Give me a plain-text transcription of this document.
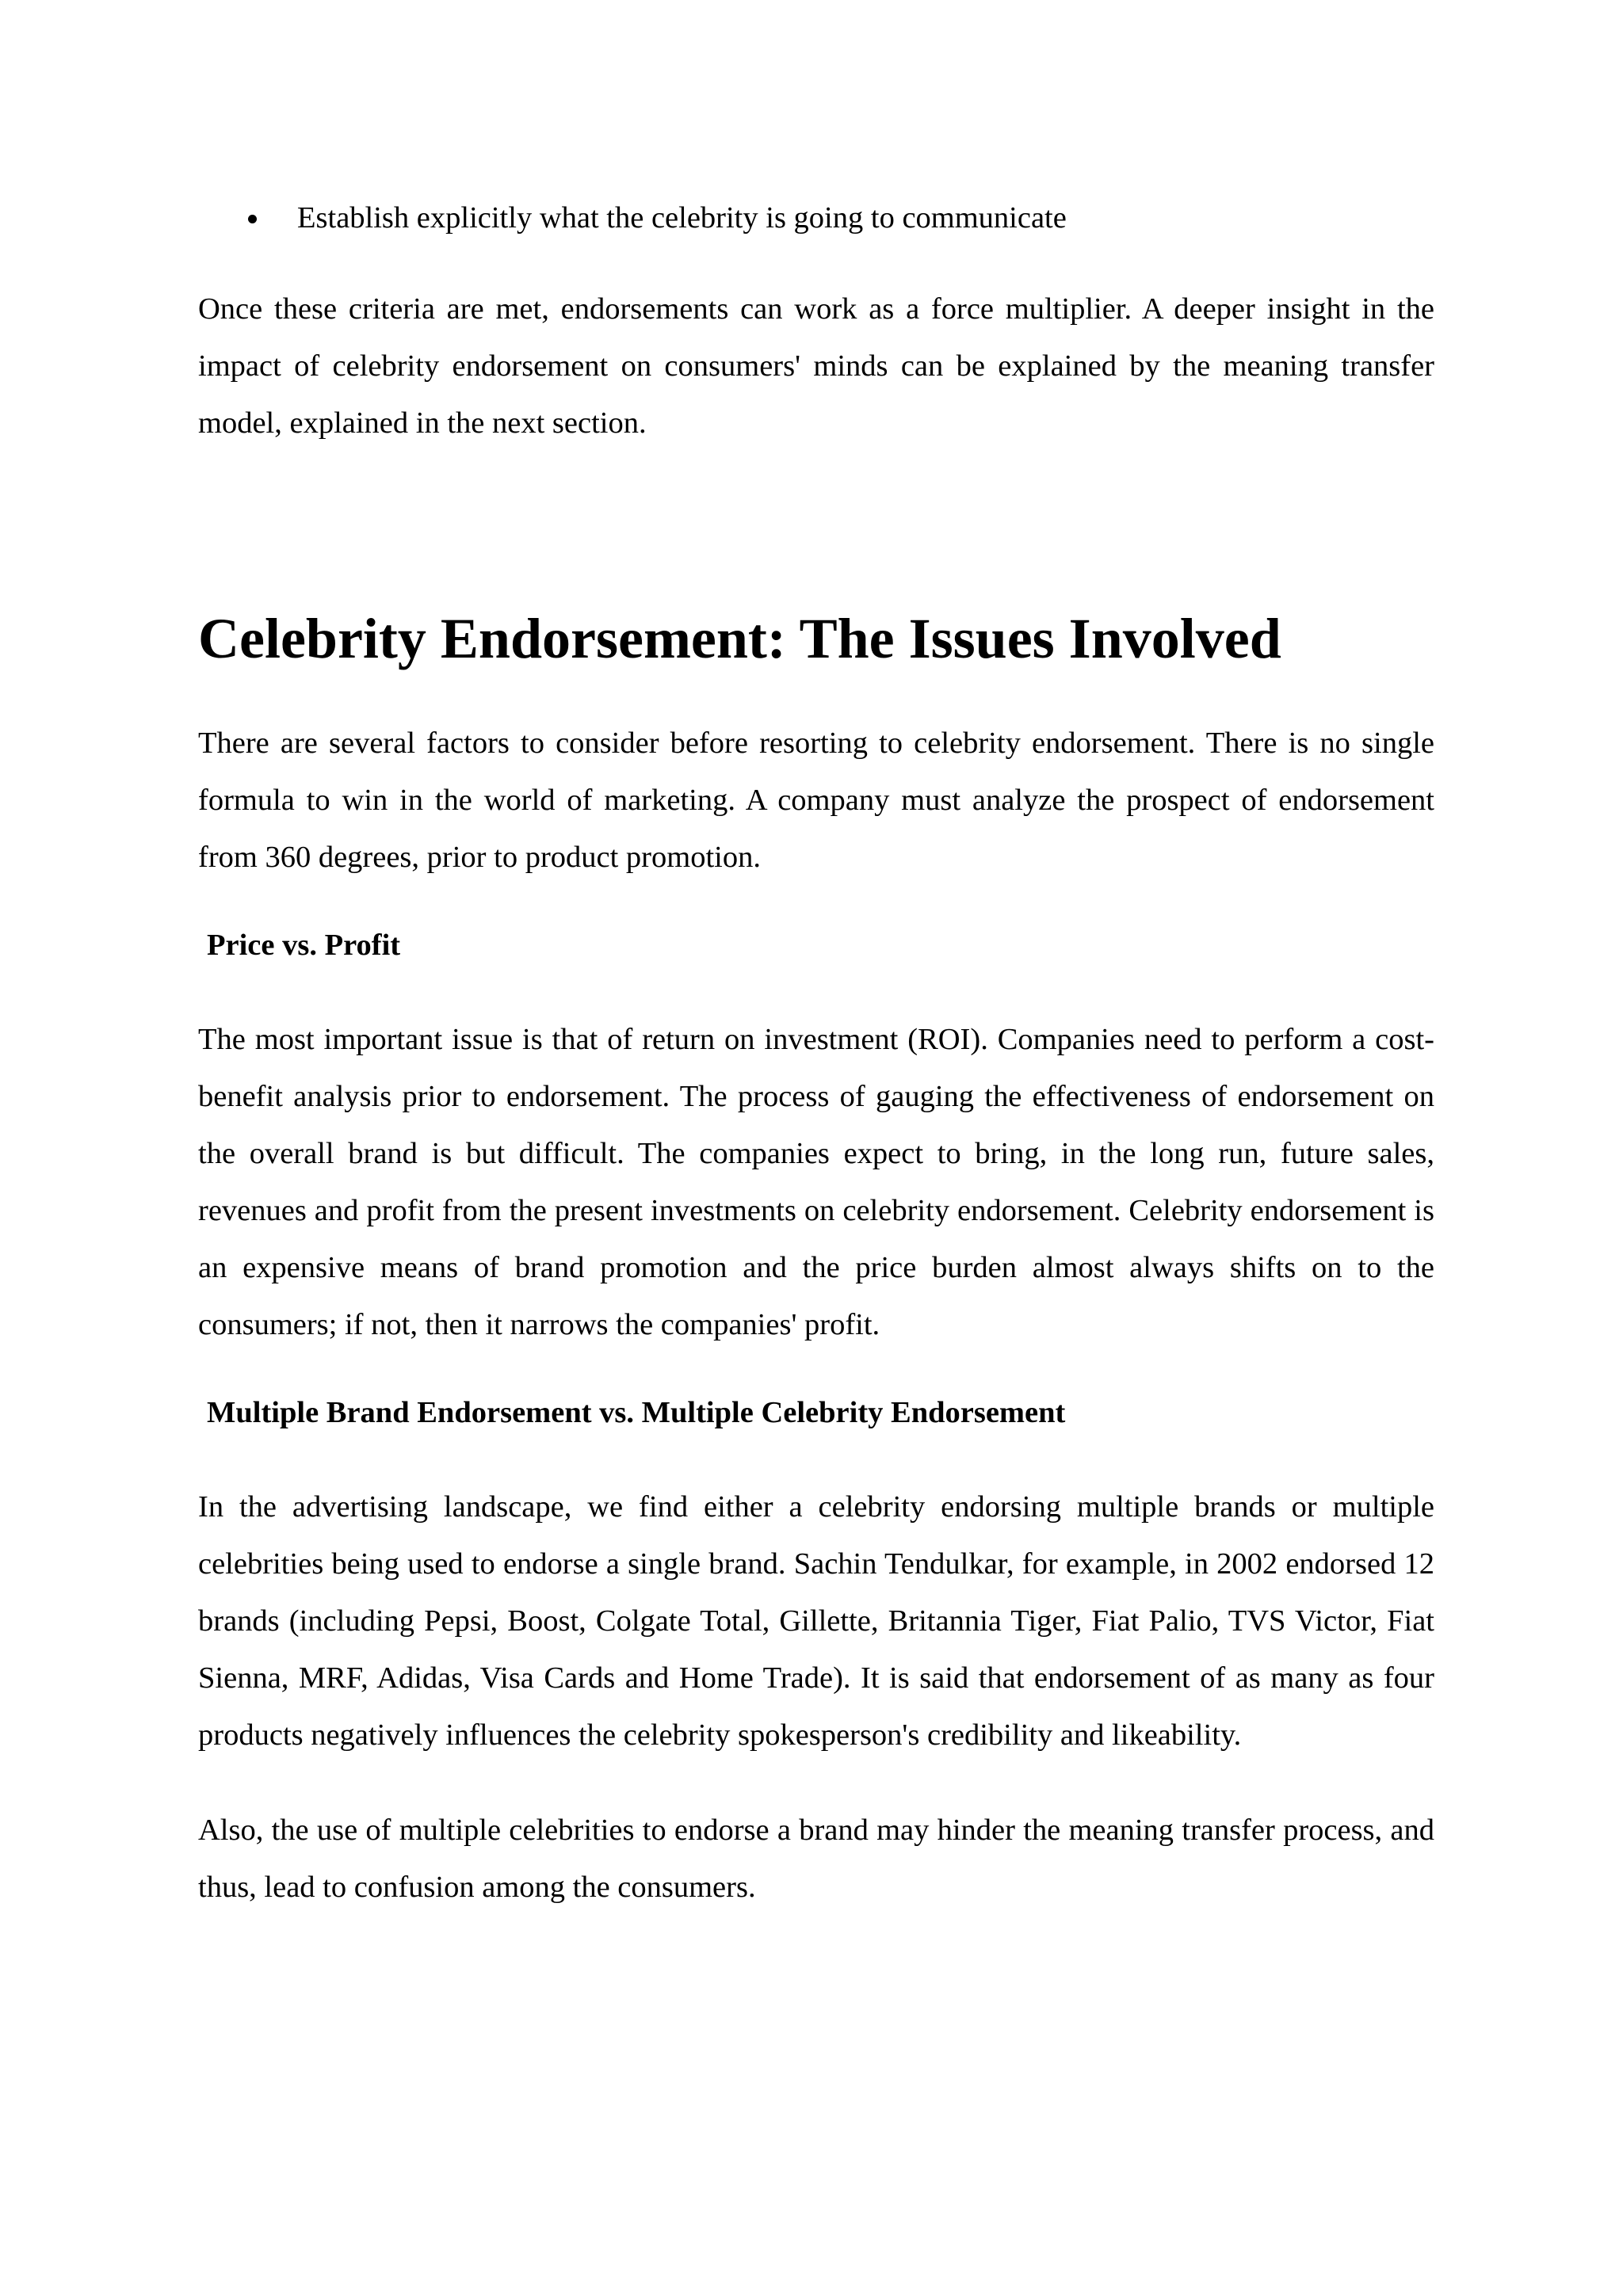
Establish explicitly what the celebrity is going to communicate

Once these criteria are met, endorsements can work as a force multiplier. A deeper insight in the impact of celebrity endorsement on consumers' minds can be explained by the meaning transfer model, explained in the next section.

Celebrity Endorsement: The Issues Involved

There are several factors to consider before resorting to celebrity endorsement. There is no single formula to win in the world of marketing. A company must analyze the prospect of endorsement from 360 degrees, prior to product promotion.

Price vs. Profit

The most important issue is that of return on investment (ROI). Companies need to perform a cost-benefit analysis prior to endorsement. The process of gauging the effectiveness of endorsement on the overall brand is but difficult. The companies expect to bring, in the long run, future sales, revenues and profit from the present investments on celebrity endorsement. Celebrity endorsement is an expensive means of brand promotion and the price burden almost always shifts on to the consumers; if not, then it narrows the companies' profit.

Multiple Brand Endorsement vs. Multiple Celebrity Endorsement

In the advertising landscape, we find either a celebrity endorsing multiple brands or multiple celebrities being used to endorse a single brand. Sachin Tendulkar, for example, in 2002 endorsed 12 brands (including Pepsi, Boost, Colgate Total, Gillette, Britannia Tiger, Fiat Palio, TVS Victor, Fiat Sienna, MRF, Adidas, Visa Cards and Home Trade). It is said that endorsement of as many as four products negatively influences the celebrity spokesperson's credibility and likeability.

Also, the use of multiple celebrities to endorse a brand may hinder the meaning transfer process, and thus, lead to confusion among the consumers.
